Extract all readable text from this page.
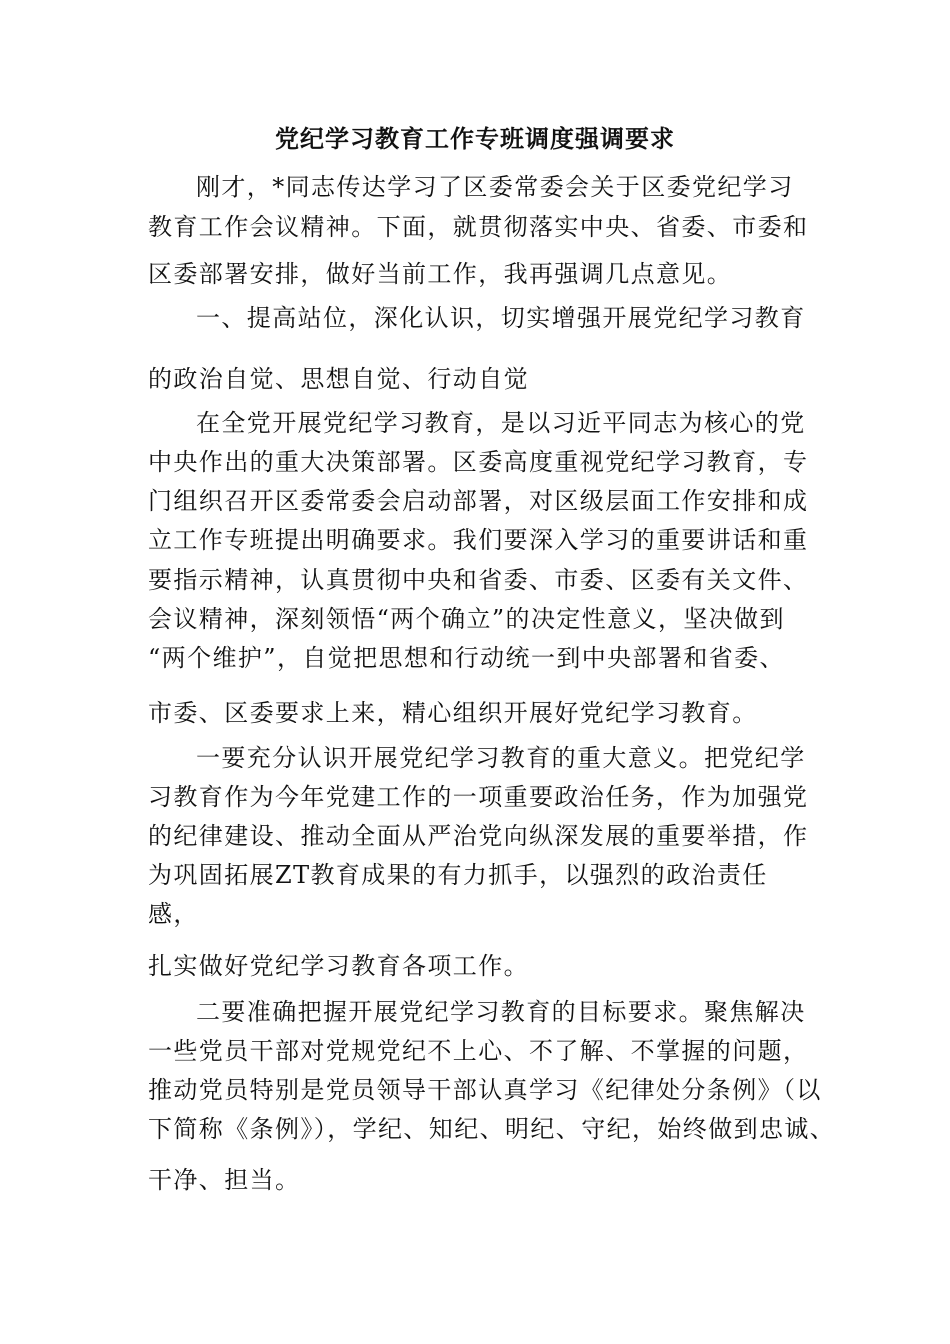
党纪学习教育工作专班调度强调要求
刚才，*同志传达学习了区委常委会关于区委党纪学习
教育工作会议精神。下面，就贯彻落实中央、省委、市委和
区委部署安排，做好当前工作，我再强调几点意见。
一、提高站位，深化认识，切实增强开展党纪学习教育
的政治自觉、思想自觉、行动自觉
在全党开展党纪学习教育，是以习近平同志为核心的党
中央作出的重大决策部署。区委高度重视党纪学习教育，专
门组织召开区委常委会启动部署，对区级层面工作安排和成
立工作专班提出明确要求。我们要深入学习的重要讲话和重
要指示精神，认真贯彻中央和省委、市委、区委有关文件、
会议精神，深刻领悟“两个确立”的决定性意义，坚决做到
“两个维护”，自觉把思想和行动统一到中央部署和省委、
市委、区委要求上来，精心组织开展好党纪学习教育。
一要充分认识开展党纪学习教育的重大意义。把党纪学
习教育作为今年党建工作的一项重要政治任务，作为加强党
的纪律建设、推动全面从严治党向纵深发展的重要举措，作
为巩固拓展ZT教育成果的有力抓手，以强烈的政治责任
感，
扎实做好党纪学习教育各项工作。
二要准确把握开展党纪学习教育的目标要求。聚焦解决
一些党员干部对党规党纪不上心、不了解、不掌握的问题，
推动党员特别是党员领导干部认真学习《纪律处分条例》（以
下简称《条例》），学纪、知纪、明纪、守纪，始终做到忠诚、
干净、担当。
